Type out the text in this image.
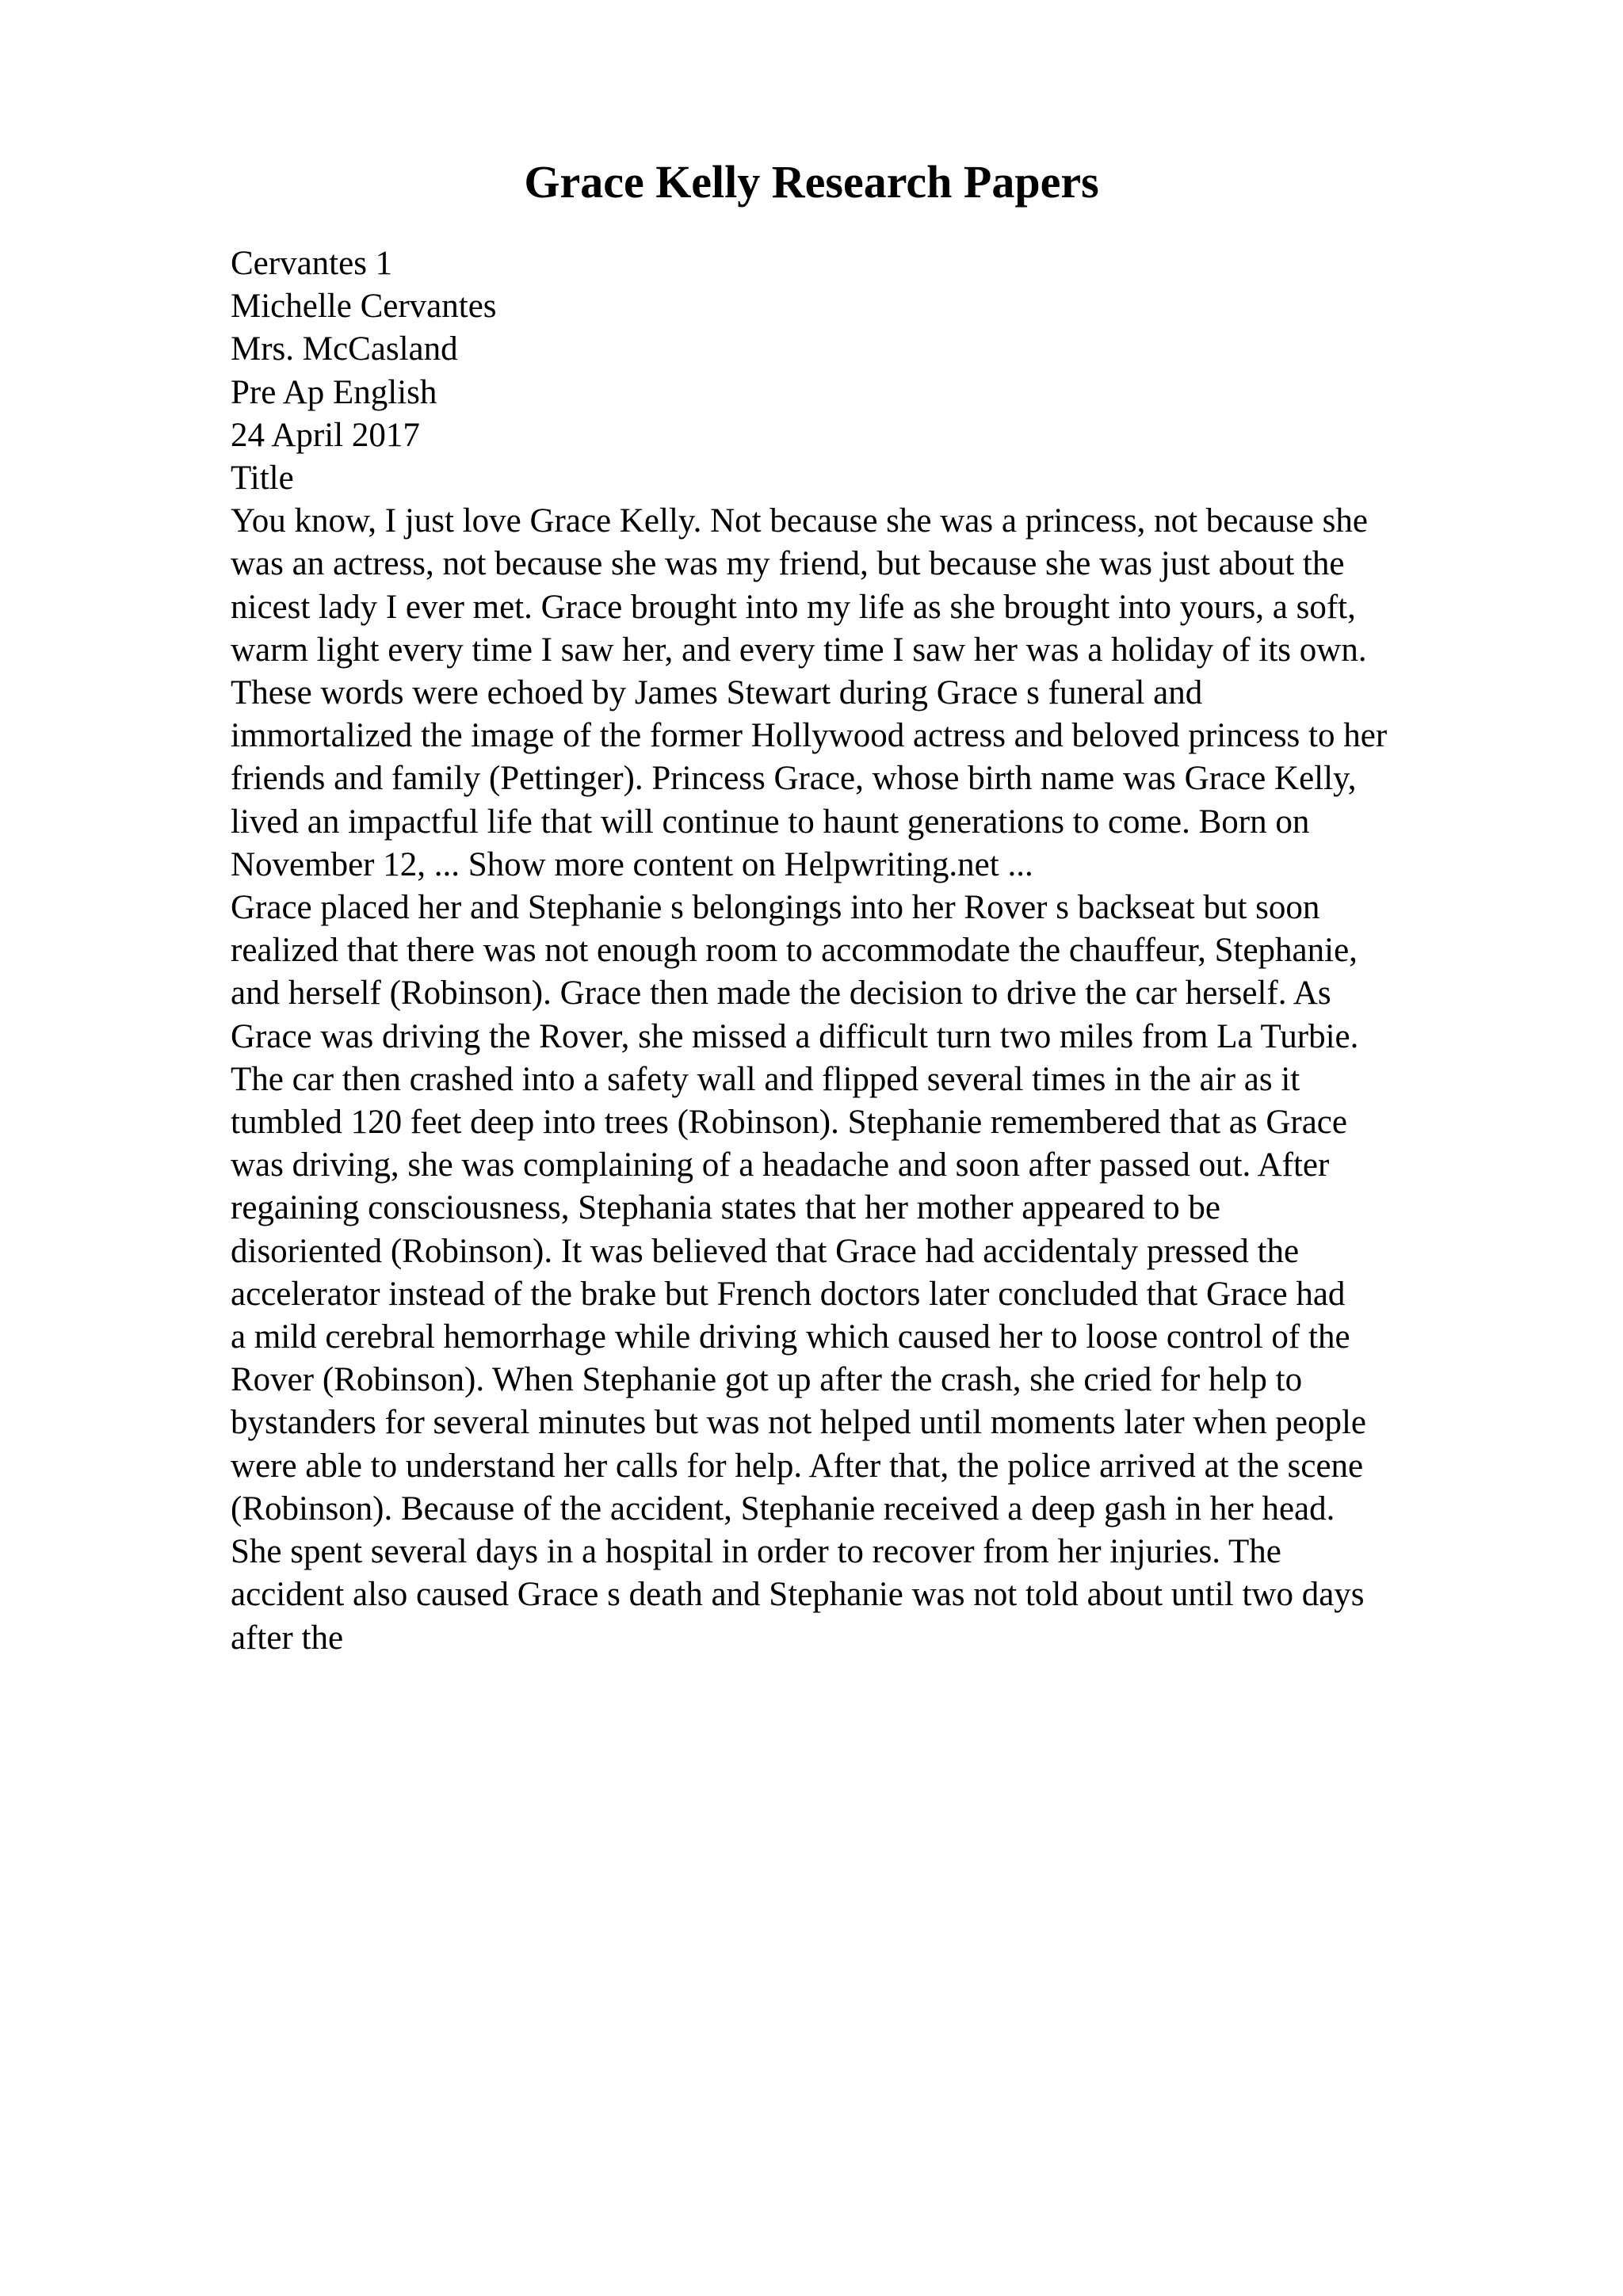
Grace Kelly Research Papers
Cervantes 1
Michelle Cervantes
Mrs. McCasland
Pre Ap English
24 April 2017
Title
You know, I just love Grace Kelly. Not because she was a princess, not because she
was an actress, not because she was my friend, but because she was just about the
nicest lady I ever met. Grace brought into my life as she brought into yours, a soft,
warm light every time I saw her, and every time I saw her was a holiday of its own.
These words were echoed by James Stewart during Grace s funeral and
immortalized the image of the former Hollywood actress and beloved princess to her
friends and family (Pettinger). Princess Grace, whose birth name was Grace Kelly,
lived an impactful life that will continue to haunt generations to come. Born on
November 12, ... Show more content on Helpwriting.net ...
Grace placed her and Stephanie s belongings into her Rover s backseat but soon
realized that there was not enough room to accommodate the chauffeur, Stephanie,
and herself (Robinson). Grace then made the decision to drive the car herself. As
Grace was driving the Rover, she missed a difficult turn two miles from La Turbie.
The car then crashed into a safety wall and flipped several times in the air as it
tumbled 120 feet deep into trees (Robinson). Stephanie remembered that as Grace
was driving, she was complaining of a headache and soon after passed out. After
regaining consciousness, Stephania states that her mother appeared to be
disoriented (Robinson). It was believed that Grace had accidentaly pressed the
accelerator instead of the brake but French doctors later concluded that Grace had
a mild cerebral hemorrhage while driving which caused her to loose control of the
Rover (Robinson). When Stephanie got up after the crash, she cried for help to
bystanders for several minutes but was not helped until moments later when people
were able to understand her calls for help. After that, the police arrived at the scene
(Robinson). Because of the accident, Stephanie received a deep gash in her head.
She spent several days in a hospital in order to recover from her injuries. The
accident also caused Grace s death and Stephanie was not told about until two days
after the
